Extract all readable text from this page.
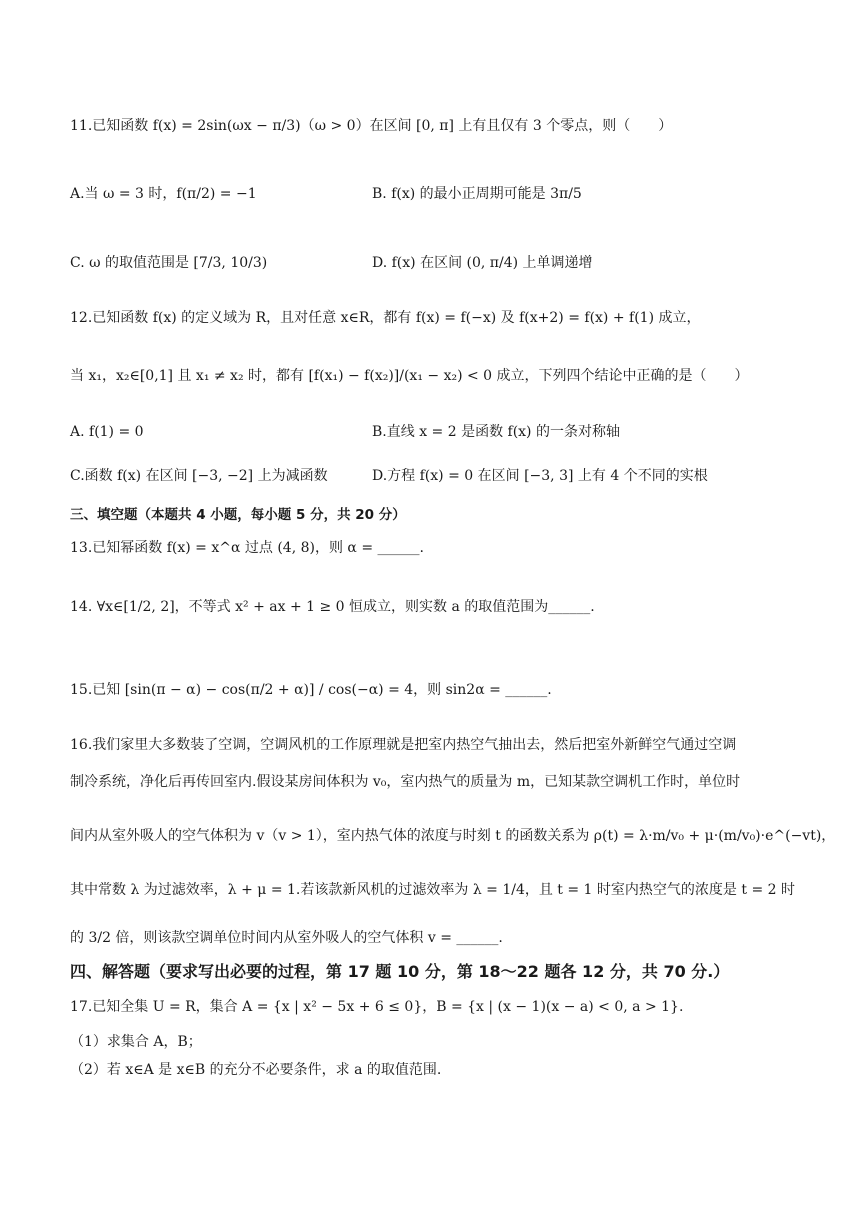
11.已知函数 f(x) = 2sin(ωx − π/3)（ω > 0）在区间 [0, π] 上有且仅有 3 个零点，则（　　）
A.当 ω = 3 时，f(π/2) = −1	B. f(x) 的最小正周期可能是 3π/5
C. ω 的取值范围是 [7/3, 10/3)	D. f(x) 在区间 (0, π/4) 上单调递增
12.已知函数 f(x) 的定义域为 R，且对任意 x∈R，都有 f(x) = f(−x) 及 f(x+2) = f(x) + f(1) 成立，
当 x₁，x₂∈[0,1] 且 x₁ ≠ x₂ 时，都有 [f(x₁) − f(x₂)]/(x₁ − x₂) < 0 成立，下列四个结论中正确的是（　　）
A. f(1) = 0	B.直线 x = 2 是函数 f(x) 的一条对称轴
C.函数 f(x) 在区间 [−3, −2] 上为减函数	D.方程 f(x) = 0 在区间 [−3, 3] 上有 4 个不同的实根
三、填空题（本题共 4 小题，每小题 5 分，共 20 分）
13.已知幂函数 f(x) = x^α 过点 (4, 8)，则 α = ______.
14. ∀x∈[1/2, 2]，不等式 x² + ax + 1 ≥ 0 恒成立，则实数 a 的取值范围为______.
15.已知 [sin(π − α) − cos(π/2 + α)] / cos(−α) = 4，则 sin2α = ______.
16.我们家里大多数装了空调，空调风机的工作原理就是把室内热空气抽出去，然后把室外新鲜空气通过空调
制冷系统，净化后再传回室内.假设某房间体积为 v₀，室内热气的质量为 m，已知某款空调机工作时，单位时
间内从室外吸人的空气体积为 v（v > 1），室内热气体的浓度与时刻 t 的函数关系为 ρ(t) = λ·m/v₀ + μ·(m/v₀)·e^(−vt)，
其中常数 λ 为过滤效率，λ + μ = 1.若该款新风机的过滤效率为 λ = 1/4，且 t = 1 时室内热空气的浓度是 t = 2 时
的 3/2 倍，则该款空调单位时间内从室外吸人的空气体积 v = ______.
四、解答题（要求写出必要的过程，第 17 题 10 分，第 18～22 题各 12 分，共 70 分.）
17.已知全集 U = R，集合 A = {x | x² − 5x + 6 ≤ 0}，B = {x | (x − 1)(x − a) < 0, a > 1}.
（1）求集合 A，B；
（2）若 x∈A 是 x∈B 的充分不必要条件，求 a 的取值范围.
